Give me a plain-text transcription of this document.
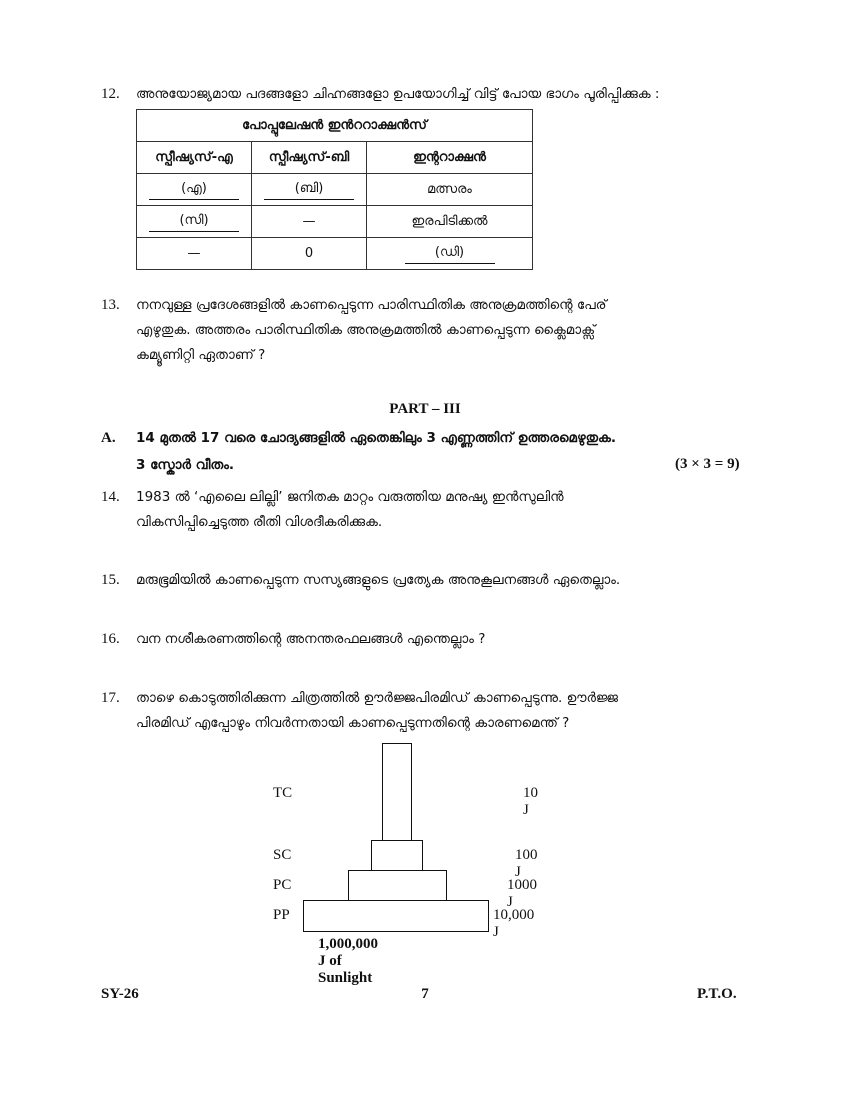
12. അനുയോജ്യമായ പദങ്ങളോ ചിഹ്നങ്ങളോ ഉപയോഗിച്ച് വിട്ട് പോയ ഭാഗം പൂരിപ്പിക്കുക :
പോപ്പുലേഷൻ ഇൻററാക്ഷൻസ്		
സ്പീഷ്യസ്-എ	സ്പീഷ്യസ്-ബി	ഇന്ററാക്ഷൻ
(എ)	(ബി)	മത്സരം
(സി)	—	ഇരപിടിക്കൽ
—	0	(ഡി)
13. നനവുള്ള പ്രദേശങ്ങളിൽ കാണപ്പെടുന്ന പാരിസ്ഥിതിക അനുക്രമത്തിന്റെ പേര്
എഴുതുക. അത്തരം പാരിസ്ഥിതിക അനുക്രമത്തിൽ കാണപ്പെടുന്ന ക്ലൈമാക്സ്
കമ്യൂണിറ്റി ഏതാണ് ?
PART – III
A. 14 മുതൽ 17 വരെ ചോദ്യങ്ങളിൽ ഏതെങ്കിലും 3 എണ്ണത്തിന് ഉത്തരമെഴുതുക.
3 സ്കോർ വീതം.	(3 × 3 = 9)
14. 1983 ൽ ‘എലൈ ലില്ലി’ ജനിതക മാറ്റം വരുത്തിയ മനുഷ്യ ഇൻസുലിൻ
വികസിപ്പിച്ചെടുത്ത രീതി വിശദീകരിക്കുക.
15. മരുഭൂമിയിൽ കാണപ്പെടുന്ന സസ്യങ്ങളുടെ പ്രത്യേക അനുകൂലനങ്ങൾ ഏതെല്ലാം.
16. വന നശീകരണത്തിന്റെ അനന്തരഫലങ്ങൾ എന്തെല്ലാം ?
17. താഴെ കൊടുത്തിരിക്കുന്ന ചിത്രത്തിൽ ഊർജ്ജപിരമിഡ് കാണപ്പെടുന്നു. ഊർജ്ജ
പിരമിഡ് എപ്പോഴും നിവർന്നതായി കാണപ്പെടുന്നതിന്റെ കാരണമെന്ത് ?
TC
SC
PC
PP
10 J
100 J
1000 J
10,000 J
1,000,000 J of Sunlight
SY-26	7	P.T.O.
